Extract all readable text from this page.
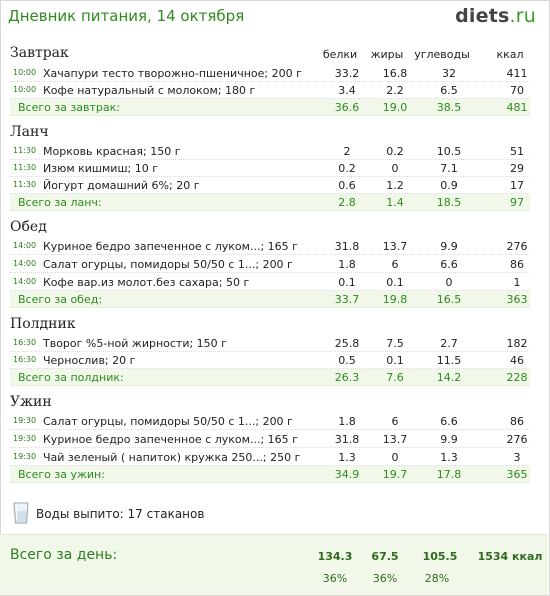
Дневник питания, 14 октября	diets.ru
белки	жиры углеводы	ккал
Завтрак
10:00 Хачапури тесто творожно-пшеничное; 200 г	33.2	16.8	32	411
10:00 Кофе натуральный с молоком; 180 г	3.4	2.2	6.5	70
Всего за завтрак:	36.6	19.0	38.5	481
Ланч
11:30 Морковь красная; 150 г	2	0.2	10.5	51
11:30 Изюм кишмиш; 10 г	0.2	0	7.1	29
11:30 Йогурт домашний 6%; 20 г	0.6	1.2	0.9	17
Всего за ланч:	2.8	1.4	18.5	97
Обед
14:00 Куриное бедро запеченное с луком...; 165 г	31.8	13.7	9.9	276
14:00 Салат огурцы, помидоры 50/50 с 1...; 200 г	1.8	6	6.6	86
14:00 Кофе вар.из молот.без сахара; 50 г	0.1	0.1	0	1
Всего за обед:	33.7	19.8	16.5	363
Полдник
16:30 Творог %5-ной жирности; 150 г	25.8	7.5	2.7	182
16:30 Чернослив; 20 г	0.5	0.1	11.5	46
Всего за полдник:	26.3	7.6	14.2	228
Ужин
19:30 Салат огурцы, помидоры 50/50 с 1...; 200 г	1.8	6	6.6	86
19:30 Куриное бедро запеченное с луком...; 165 г	31.8	13.7	9.9	276
19:30 Чай зеленый ( напиток) кружка 250...; 250 г	1.3	0	1.3	3
Всего за ужин:	34.9	19.7	17.8	365
Воды выпито: 17 стаканов
Всего за день:	134.3	67.5	105.5	1534 ккал
36%	36%	28%
